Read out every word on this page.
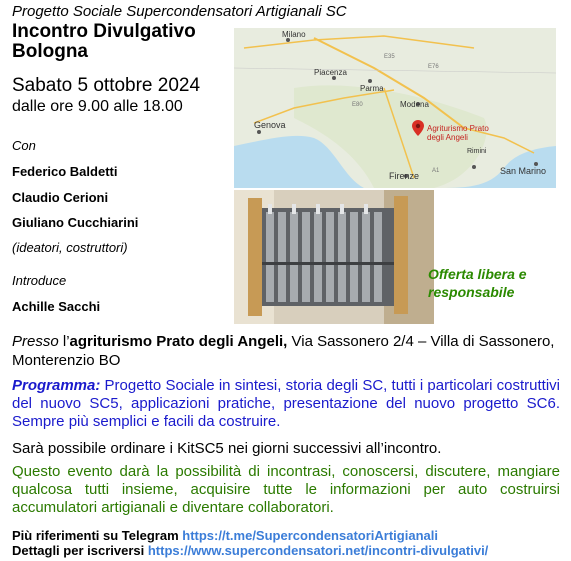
Progetto Sociale Supercondensatori Artigianali SC
Incontro Divulgativo
Bologna
Sabato 5 ottobre 2024
dalle ore 9.00 alle 18.00
Con
Federico Baldetti
Claudio Cerioni
Giuliano Cucchiarini
(ideatori, costruttori)
Introduce
Achille Sacchi
Milano
Piacenza
Parma
Modena
Genova
Rimini
San Marino
Firenze
E76
E35
E80
A1
Agriturismo Prato
degli Angeli
Offerta libera e
responsabile
Presso l’agriturismo Prato degli Angeli, Via Sassonero 2/4 – Villa di Sassonero, Monterenzio BO
Programma: Progetto Sociale in sintesi, storia degli SC, tutti i particolari costruttivi del nuovo SC5, applicazioni pratiche, presentazione del nuovo progetto SC6. Sempre più semplici e facili da costruire.
Sarà possibile ordinare i KitSC5 nei giorni successivi all’incontro.
Questo evento darà la possibilità di incontrasi, conoscersi, discutere, mangiare qualcosa tutti insieme, acquisire tutte le informazioni per auto costruirsi accumulatori artigianali e diventare collaboratori.
Più riferimenti su Telegram https://t.me/SupercondensatoriArtigianali
Dettagli per iscriversi https://www.supercondensatori.net/incontri-divulgativi/
